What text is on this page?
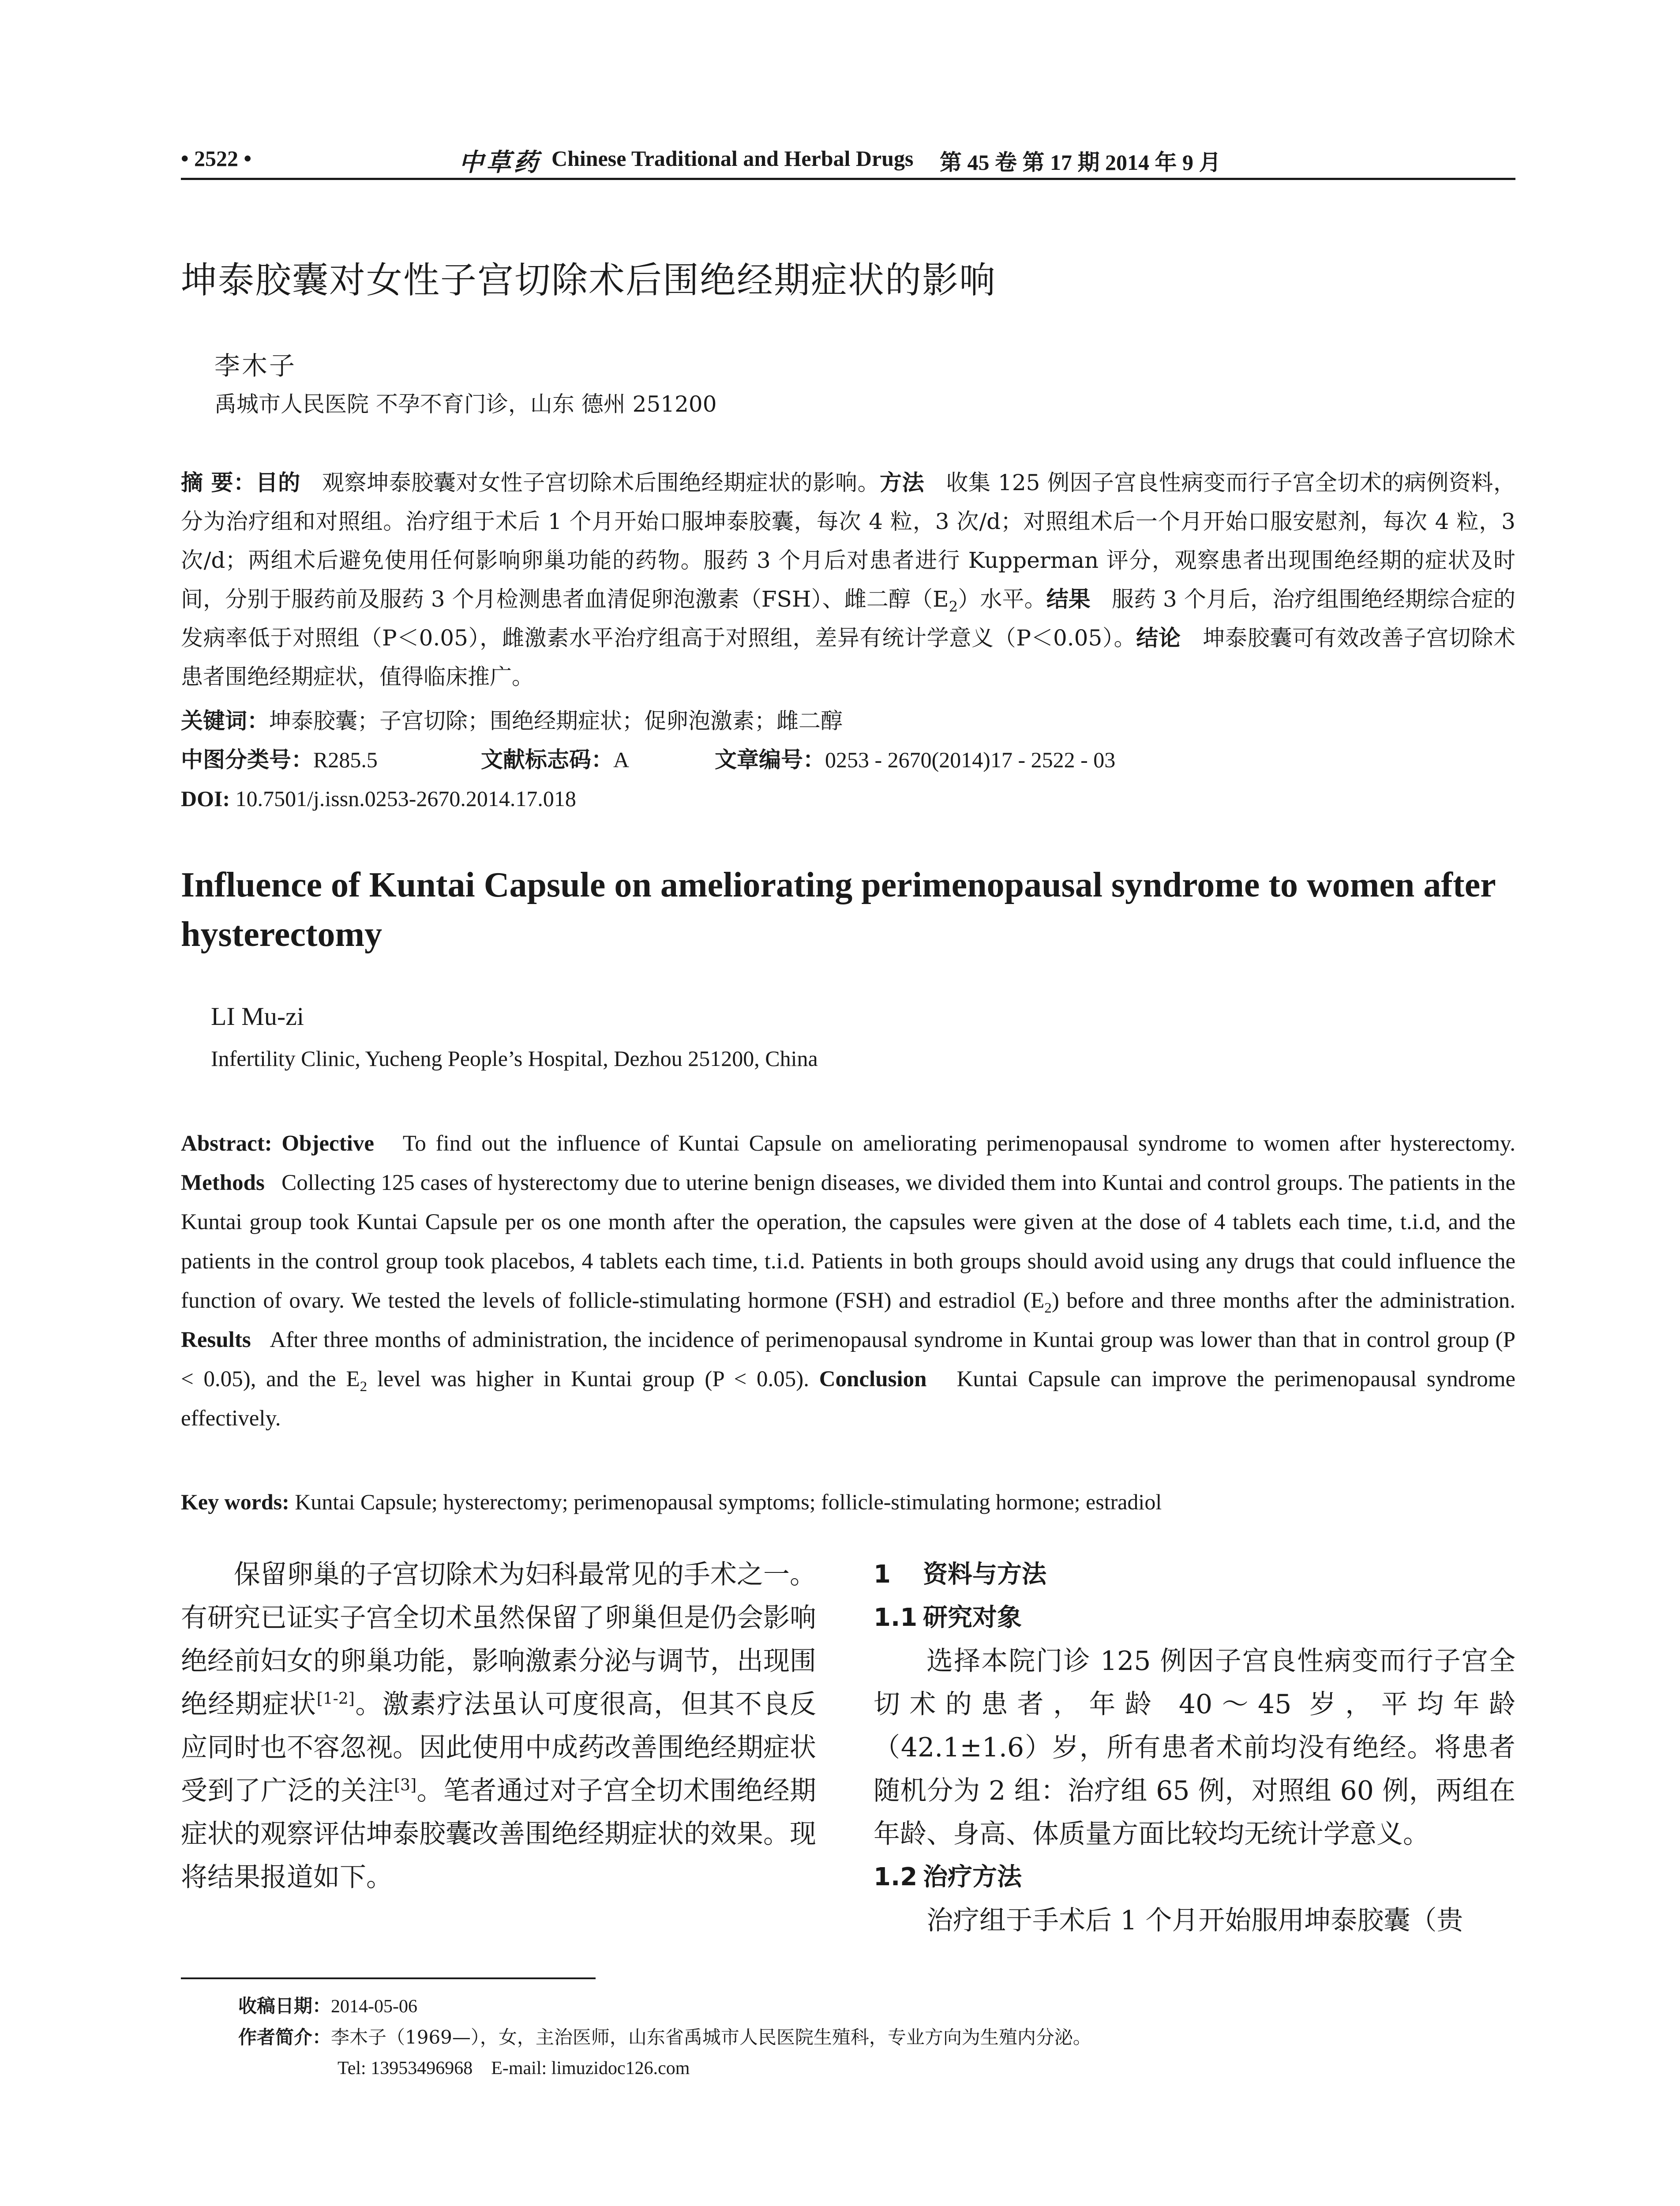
• 2522 •	中草药 Chinese Traditional and Herbal Drugs 第 45 卷 第 17 期 2014 年 9 月
坤泰胶囊对女性子宫切除术后围绝经期症状的影响
李木子
禹城市人民医院 不孕不育门诊，山东 德州 251200
摘 要：目的 观察坤泰胶囊对女性子宫切除术后围绝经期症状的影响。方法 收集 125 例因子宫良性病变而行子宫全切术的病例资料，分为治疗组和对照组。治疗组于术后 1 个月开始口服坤泰胶囊，每次 4 粒，3 次/d；对照组术后一个月开始口服安慰剂，每次 4 粒，3 次/d；两组术后避免使用任何影响卵巢功能的药物。服药 3 个月后对患者进行 Kupperman 评分，观察患者出现围绝经期的症状及时间，分别于服药前及服药 3 个月检测患者血清促卵泡激素（FSH）、雌二醇$(E_2)$水平。结果 服药 3 个月后，治疗组围绝经期综合症的发病率低于对照组（P＜0.05），雌激素水平治疗组高于对照组，差异有统计学意义（P＜0.05）。结论 坤泰胶囊可有效改善子宫切除术患者围绝经期症状，值得临床推广。
关键词：坤泰胶囊；子宫切除；围绝经期症状；促卵泡激素；雌二醇
中图分类号：R285.5	文献标志码：A	文章编号：0253 - 2670(2014)17 - 2522 - 03
DOI: 10.7501/j.issn.0253-2670.2014.17.018
Influence of Kuntai Capsule on ameliorating perimenopausal syndrome to women after hysterectomy
LI Mu-zi
Infertility Clinic, Yucheng People’s Hospital, Dezhou 251200, China
Abstract: Objective To find out the influence of Kuntai Capsule on ameliorating perimenopausal syndrome to women after hysterectomy. Methods Collecting 125 cases of hysterectomy due to uterine benign diseases, we divided them into Kuntai and control groups. The patients in the Kuntai group took Kuntai Capsule per os one month after the operation, the capsules were given at the dose of 4 tablets each time, t.i.d, and the patients in the control group took placebos, 4 tablets each time, t.i.d. Patients in both groups should avoid using any drugs that could influence the function of ovary. We tested the levels of follicle-stimulating hormone (FSH) and estradiol $(E_2)$ before and three months after the administration. Results After three months of administration, the incidence of perimenopausal syndrome in Kuntai group was lower than that in control group (P < 0.05), and the $E_2$ level was higher in Kuntai group (P < 0.05). Conclusion Kuntai Capsule can improve the perimenopausal syndrome effectively.
Key words: Kuntai Capsule; hysterectomy; perimenopausal symptoms; follicle-stimulating hormone; estradiol

保留卵巢的子宫切除术为妇科最常见的手术之一。有研究已证实子宫全切术虽然保留了卵巢但是仍会影响绝经前妇女的卵巢功能，影响激素分泌与调节，出现围绝经期症状[1-2]。激素疗法虽认可度很高，但其不良反应同时也不容忽视。因此使用中成药改善围绝经期症状受到了广泛的关注[3]。笔者通过对子宫全切术围绝经期症状的观察评估坤泰胶囊改善围绝经期症状的效果。现将结果报道如下。

1 资料与方法
1.1 研究对象

选择本院门诊 125 例因子宫良性病变而行子宫全切术的患者，年龄 40～45 岁，平均年龄（42.1±1.6）岁，所有患者术前均没有绝经。将患者随机分为 2 组：治疗组 65 例，对照组 60 例，两组在年龄、身高、体质量方面比较均无统计学意义。

1.2 治疗方法

治疗组于手术后 1 个月开始服用坤泰胶囊（贵

收稿日期：2014-05-06
作者简介：李木子（1969—），女，主治医师，山东省禹城市人民医院生殖科，专业方向为生殖内分泌。
Tel: 13953496968　E-mail: limuzidoc126.com
